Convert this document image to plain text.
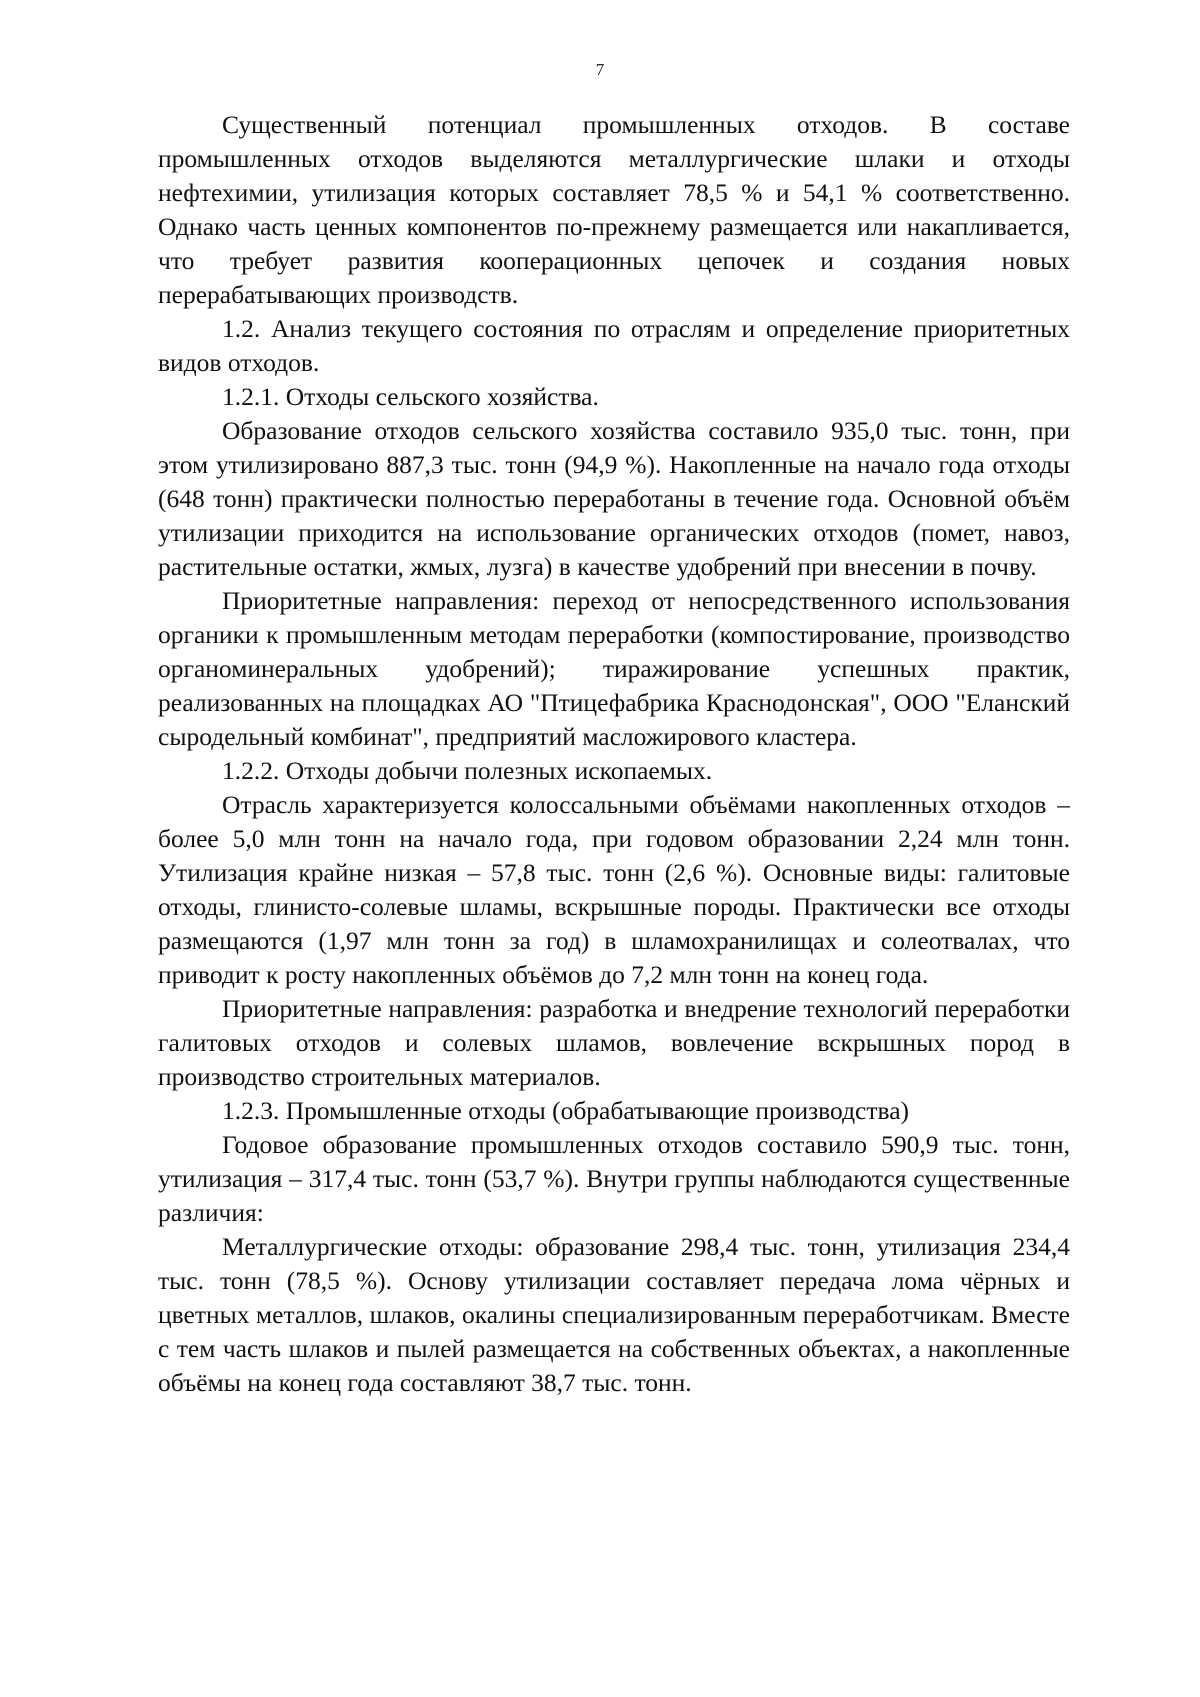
7

Существенный потенциал промышленных отходов. В составе промышленных отходов выделяются металлургические шлаки и отходы нефтехимии, утилизация которых составляет 78,5 % и 54,1 % соответственно. Однако часть ценных компонентов по-прежнему размещается или накапливается, что требует развития кооперационных цепочек и создания новых перерабатывающих производств.

1.2. Анализ текущего состояния по отраслям и определение приоритетных видов отходов.

1.2.1. Отходы сельского хозяйства.

Образование отходов сельского хозяйства составило 935,0 тыс. тонн, при этом утилизировано 887,3 тыс. тонн (94,9 %). Накопленные на начало года отходы (648 тонн) практически полностью переработаны в течение года. Основной объём утилизации приходится на использование органических отходов (помет, навоз, растительные остатки, жмых, лузга) в качестве удобрений при внесении в почву.

Приоритетные направления: переход от непосредственного использования органики к промышленным методам переработки (компостирование, производство органоминеральных удобрений); тиражирование успешных практик, реализованных на площадках АО "Птицефабрика Краснодонская", ООО "Еланский сыродельный комбинат", предприятий масложирового кластера.

1.2.2. Отходы добычи полезных ископаемых.

Отрасль характеризуется колоссальными объёмами накопленных отходов – более 5,0 млн тонн на начало года, при годовом образовании 2,24 млн тонн. Утилизация крайне низкая – 57,8 тыс. тонн (2,6 %). Основные виды: галитовые отходы, глинисто-солевые шламы, вскрышные породы. Практически все отходы размещаются (1,97 млн тонн за год) в шламохранилищах и солеотвалах, что приводит к росту накопленных объёмов до 7,2 млн тонн на конец года.

Приоритетные направления: разработка и внедрение технологий переработки галитовых отходов и солевых шламов, вовлечение вскрышных пород в производство строительных материалов.

1.2.3. Промышленные отходы (обрабатывающие производства)

Годовое образование промышленных отходов составило 590,9 тыс. тонн, утилизация – 317,4 тыс. тонн (53,7 %). Внутри группы наблюдаются существенные различия:

Металлургические отходы: образование 298,4 тыс. тонн, утилизация 234,4 тыс. тонн (78,5 %). Основу утилизации составляет передача лома чёрных и цветных металлов, шлаков, окалины специализированным переработчикам. Вместе с тем часть шлаков и пылей размещается на собственных объектах, а накопленные объёмы на конец года составляют 38,7 тыс. тонн.
